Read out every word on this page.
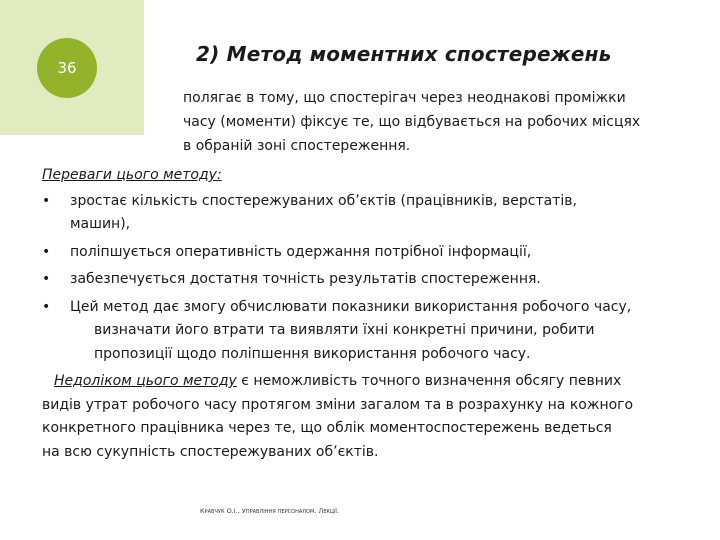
36
2) Метод моментних спостережень
полягає в тому, що спостерігач через неоднакові проміжки
часу (моменти) фіксує те, що відбувається на робочих місцях
в обраній зоні спостереження.
Переваги цього методу:
• зростає кількість спостережуваних об’єктів (працівників, верстатів,
машин),
• поліпшується оперативність одержання потрібної інформації,
• забезпечується достатня точність результатів спостереження.
• Цей метод дає змогу обчислювати показники використання робочого часу,
визначати його втрати та виявляти їхні конкретні причини, робити
пропозиції щодо поліпшення використання робочого часу.
Недоліком цього методу є неможливість точного визначення обсягу певних
видів утрат робочого часу протягом зміни загалом та в розрахунку на кожного
конкретного працівника через те, що облік моментоспостережень ведеться
на всю сукупність спостережуваних об’єктів.
Кравчук О.І., Управління персоналом. Лекції.
